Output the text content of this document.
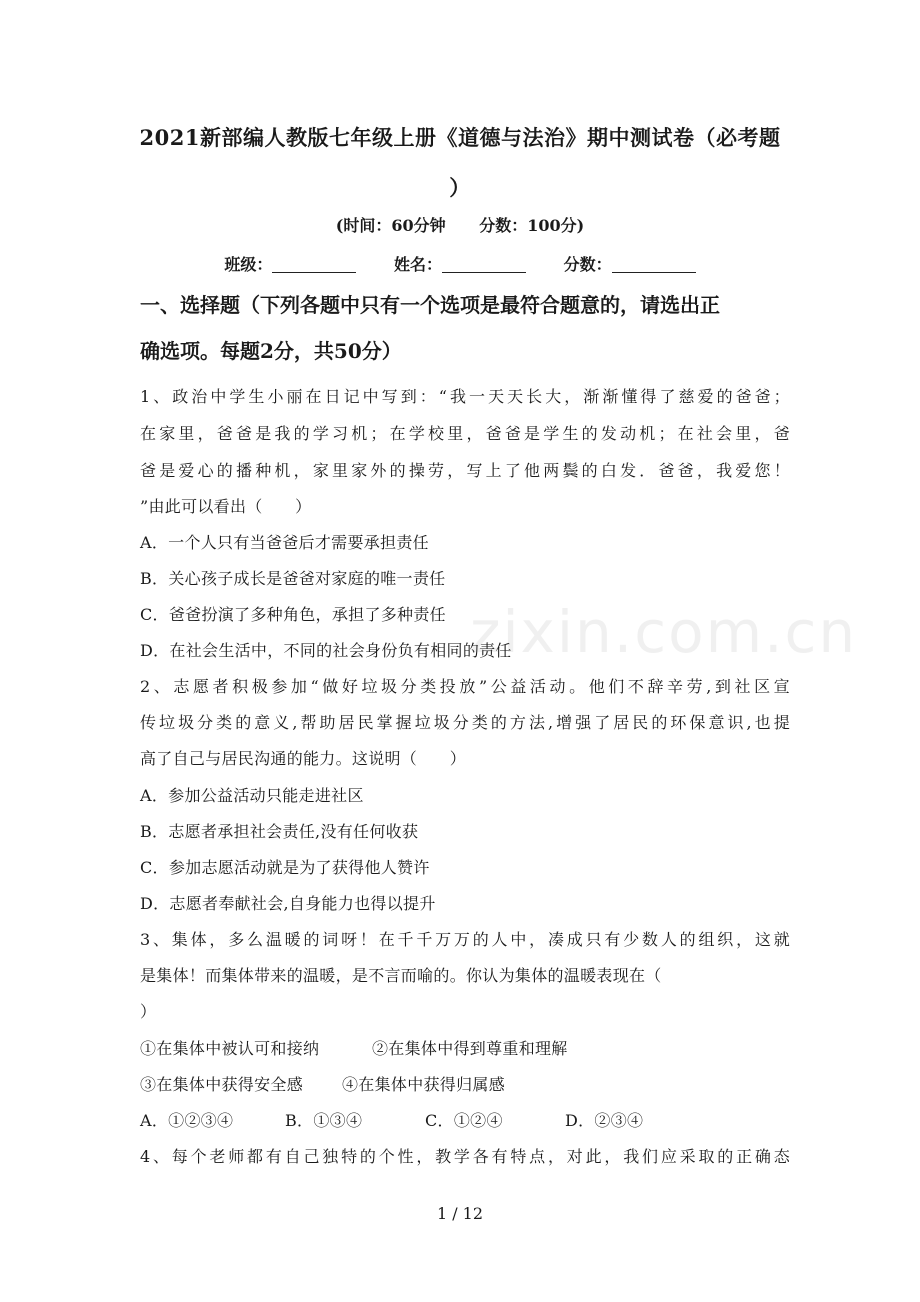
2021新部编人教版七年级上册《道德与法治》期中测试卷（必考题
）
(时间：60分钟 分数：100分)
班级：	姓名：	分数：
一、选择题（下列各题中只有一个选项是最符合题意的，请选出正
确选项。每题2分，共50分）
1、政治中学生小丽在日记中写到：“我一天天长大，渐渐懂得了慈爱的爸爸；
在家里，爸爸是我的学习机；在学校里，爸爸是学生的发动机；在社会里，爸
爸是爱心的播种机，家里家外的操劳，写上了他两鬓的白发．爸爸，我爱您！
”由此可以看出（　　）
A．一个人只有当爸爸后才需要承担责任
B．关心孩子成长是爸爸对家庭的唯一责任
C．爸爸扮演了多种角色，承担了多种责任
D．在社会生活中，不同的社会身份负有相同的责任
2、志愿者积极参加“做好垃圾分类投放”公益活动。他们不辞辛劳,到社区宣
传垃圾分类的意义,帮助居民掌握垃圾分类的方法,增强了居民的环保意识,也提
高了自己与居民沟通的能力。这说明（　　）
A．参加公益活动只能走进社区
B．志愿者承担社会责任,没有任何收获
C．参加志愿活动就是为了获得他人赞许
D．志愿者奉献社会,自身能力也得以提升
3、集体，多么温暖的词呀！在千千万万的人中，凑成只有少数人的组织，这就
是集体！而集体带来的温暖，是不言而喻的。你认为集体的温暖表现在（
）
①在集体中被认可和接纳	②在集体中得到尊重和理解
③在集体中获得安全感 ④在集体中获得归属感
A．①②③④	B．①③④	C．①②④	D．②③④
4、每个老师都有自己独特的个性，教学各有特点，对此，我们应采取的正确态
zixin.com.cn
1 / 12
